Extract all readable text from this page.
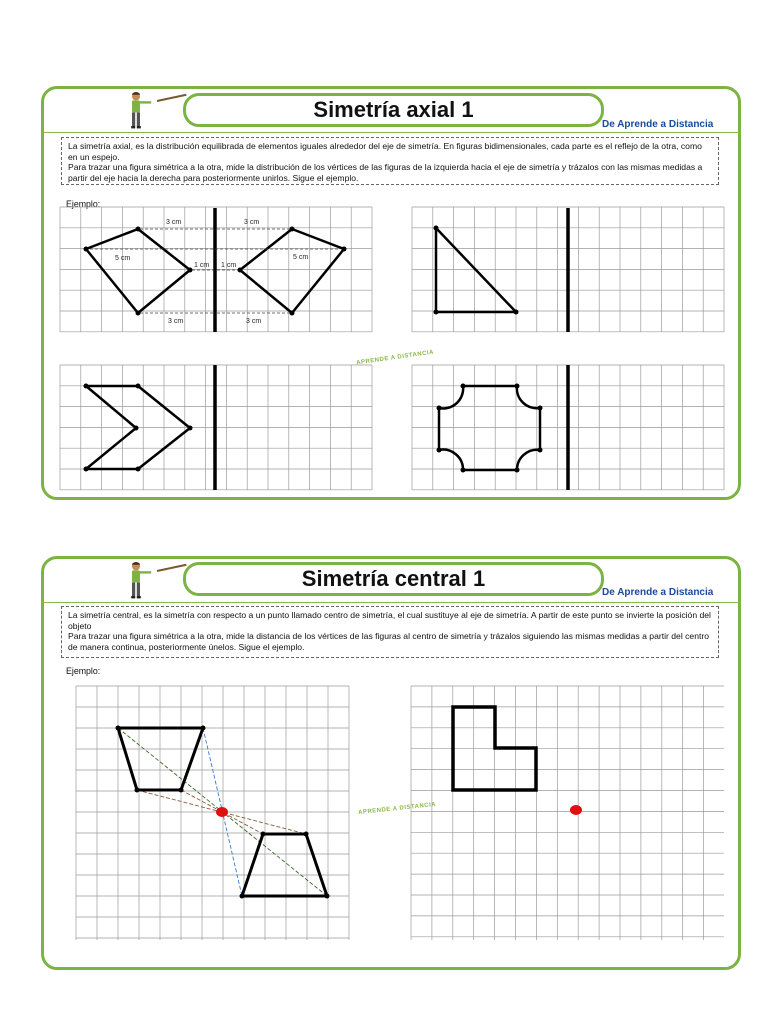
Simetría axial 1
De Aprende a Distancia

La simetría axial, es la distribución equilibrada de elementos iguales alrededor del eje de simetría. En figuras bidimensionales, cada parte es el reflejo de la otra, como en un espejo.

Para trazar una figura simétrica a la otra, mide la distribución de los vértices de las figuras de la izquierda hacia el eje de simetría y trázalos con las mismas medidas a partir del eje hacia la derecha para posteriormente unirlos. Sigue el ejemplo.

Ejemplo:
APRENDE A DISTANCIA
3 cm	3 cm
5 cm	5 cm
1 cm 1 cm
3 cm	3 cm
Simetría central 1
De Aprende a Distancia

La simetría central, es la simetría con respecto a un punto llamado centro de simetría, el cual sustituye al eje de simetría. A partir de este punto se invierte la posición del objeto

Para trazar una figura simétrica a la otra, mide la distancia de los vértices de las figuras al centro de simetría y trázalos siguiendo las mismas medidas a partir del centro de manera continua, posteriormente únelos. Sigue el ejemplo.

Ejemplo:
APRENDE A DISTANCIA
